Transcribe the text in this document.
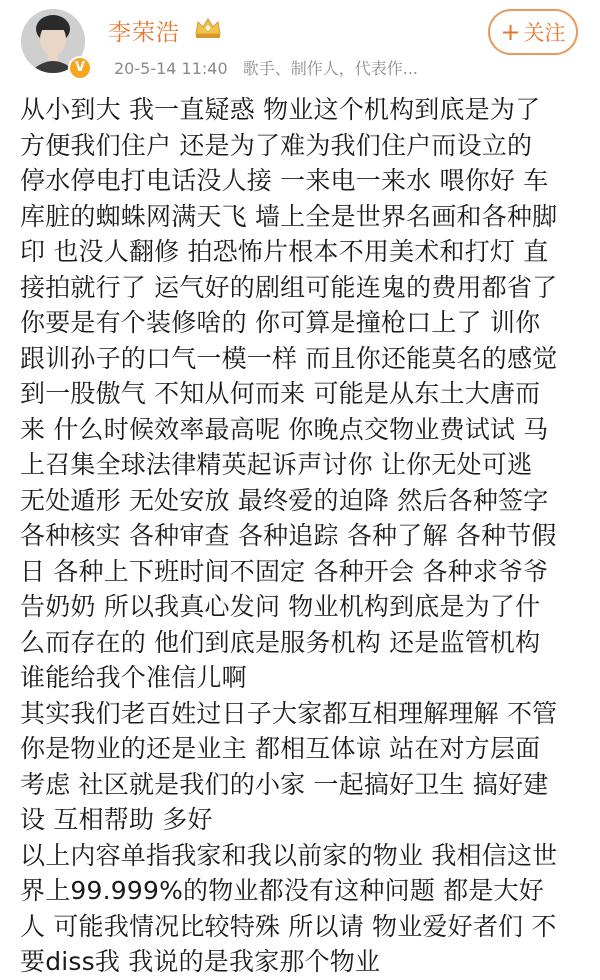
V
李荣浩
20-5-14 11:40 歌手、制作人，代表作...
+ 关注
从小到大 我一直疑惑 物业这个机构到底是为了
方便我们住户 还是为了难为我们住户而设立的
停水停电打电话没人接 一来电一来水 喂你好 车
库脏的蜘蛛网满天飞 墙上全是世界名画和各种脚
印 也没人翻修 拍恐怖片根本不用美术和打灯 直
接拍就行了 运气好的剧组可能连鬼的费用都省了
你要是有个装修啥的 你可算是撞枪口上了 训你
跟训孙子的口气一模一样 而且你还能莫名的感觉
到一股傲气 不知从何而来 可能是从东土大唐而
来 什么时候效率最高呢 你晚点交物业费试试 马
上召集全球法律精英起诉声讨你 让你无处可逃
无处遁形 无处安放 最终爱的迫降 然后各种签字
各种核实 各种审查 各种追踪 各种了解 各种节假
日 各种上下班时间不固定 各种开会 各种求爷爷
告奶奶 所以我真心发问 物业机构到底是为了什
么而存在的 他们到底是服务机构 还是监管机构
谁能给我个准信儿啊
其实我们老百姓过日子大家都互相理解理解 不管
你是物业的还是业主 都相互体谅 站在对方层面
考虑 社区就是我们的小家 一起搞好卫生 搞好建
设 互相帮助 多好
以上内容单指我家和我以前家的物业 我相信这世
界上99.999%的物业都没有这种问题 都是大好
人 可能我情况比较特殊 所以请 物业爱好者们 不
要diss我 我说的是我家那个物业
